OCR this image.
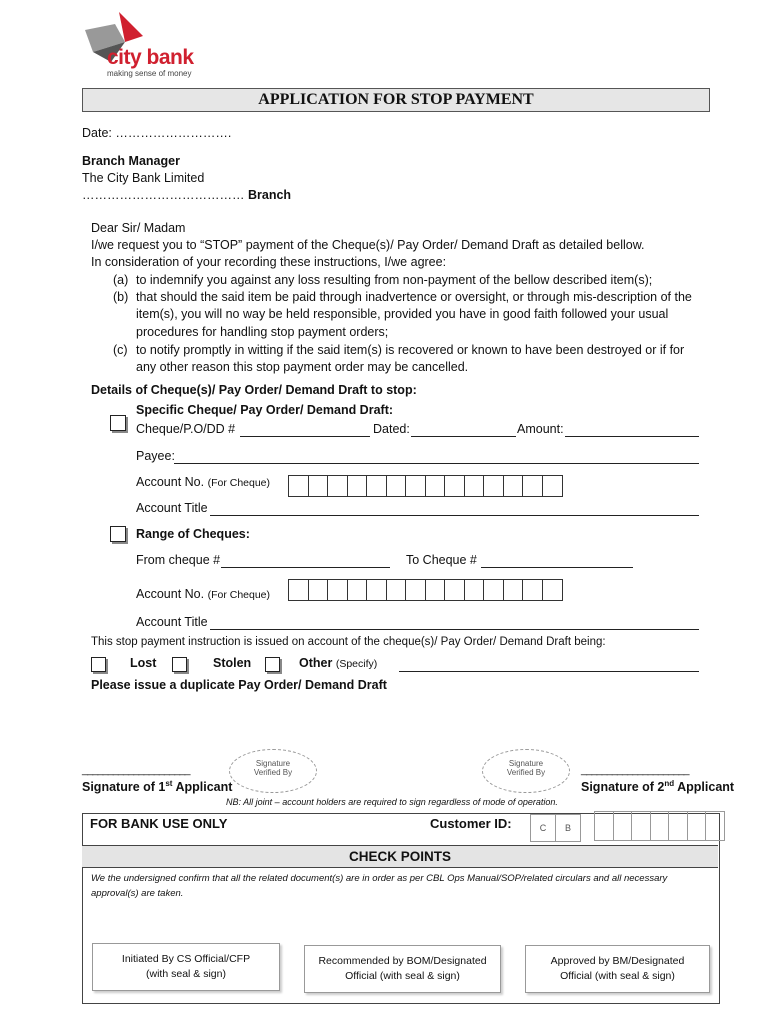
city bank
making sense of money
APPLICATION FOR STOP PAYMENT
Date: ……………………….
Branch Manager
The City Bank Limited
………………………………… Branch
Dear Sir/ Madam
I/we request you to “STOP” payment of the Cheque(s)/ Pay Order/ Demand Draft as detailed bellow.
In consideration of your recording these instructions, I/we agree:
(a) to indemnify you against any loss resulting from non-payment of the bellow described item(s);
(b) that should the said item be paid through inadvertence or oversight, or through mis-description of the
item(s), you will no way be held responsible, provided you have in good faith followed your usual
procedures for handling stop payment orders;
(c) to notify promptly in witting if the said item(s) is recovered or known to have been destroyed or if for
any other reason this stop payment order may be cancelled.
Details of Cheque(s)/ Pay Order/ Demand Draft to stop:
Specific Cheque/ Pay Order/ Demand Draft:
Cheque/P.O/DD #	Dated:	Amount:
Payee:
Account No. (For Cheque)
Account Title
Range of Cheques:
From cheque #	To Cheque #
Account No. (For Cheque)
Account Title
This stop payment instruction is issued on account of the cheque(s)/ Pay Order/ Demand Draft being:
Lost	Stolen	Other (Specify)
Please issue a duplicate Pay Order/ Demand Draft
Signature
Verified By
Signature
Verified By
_____________________
Signature of 1st Applicant
_____________________
Signature of 2nd Applicant
NB: All joint – account holders are required to sign regardless of mode of operation.
FOR BANK USE ONLY	Customer ID:	C	B
CHECK POINTS
We the undersigned confirm that all the related document(s) are in order as per CBL Ops Manual/SOP/related circulars and all necessary approval(s) are taken.
Initiated By CS Official/CFP
(with seal & sign)
Recommended by BOM/Designated
Official (with seal & sign)
Approved by BM/Designated
Official (with seal & sign)
